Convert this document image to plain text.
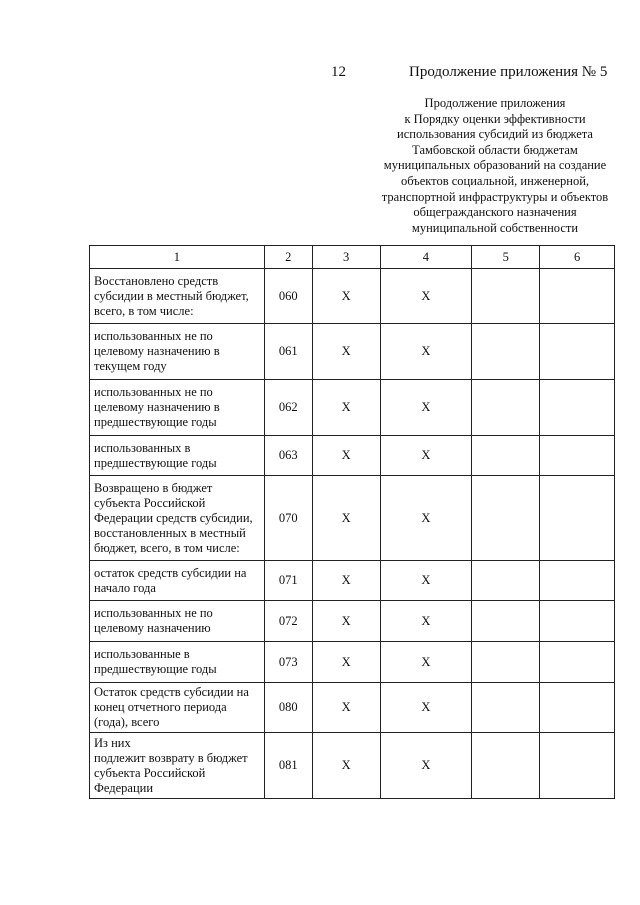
12	Продолжение приложения № 5
Продолжение приложения
к Порядку оценки эффективности
использования субсидий из бюджета
Тамбовской области бюджетам
муниципальных образований на создание
объектов социальной, инженерной,
транспортной инфраструктуры и объектов
общегражданского назначения
муниципальной собственности
1	2	3	4	5	6
Восстановлено средств субсидии в местный бюджет, всего, в том числе:	060	X	X		
использованных не по целевому назначению в текущем году	061	X	X		
использованных не по целевому назначению в предшествующие годы	062	X	X		
использованных в предшествующие годы	063	X	X		
Возвращено в бюджет субъекта Российской Федерации средств субсидии, восстановленных в местный бюджет, всего, в том числе:	070	X	X		
остаток средств субсидии на начало года	071	X	X		
использованных не по целевому назначению	072	X	X		
использованные в предшествующие годы	073	X	X		
Остаток средств субсидии на конец отчетного периода (года), всего	080	X	X		
Из них
подлежит возврату в бюджет субъекта Российской Федерации	081	X	X		
